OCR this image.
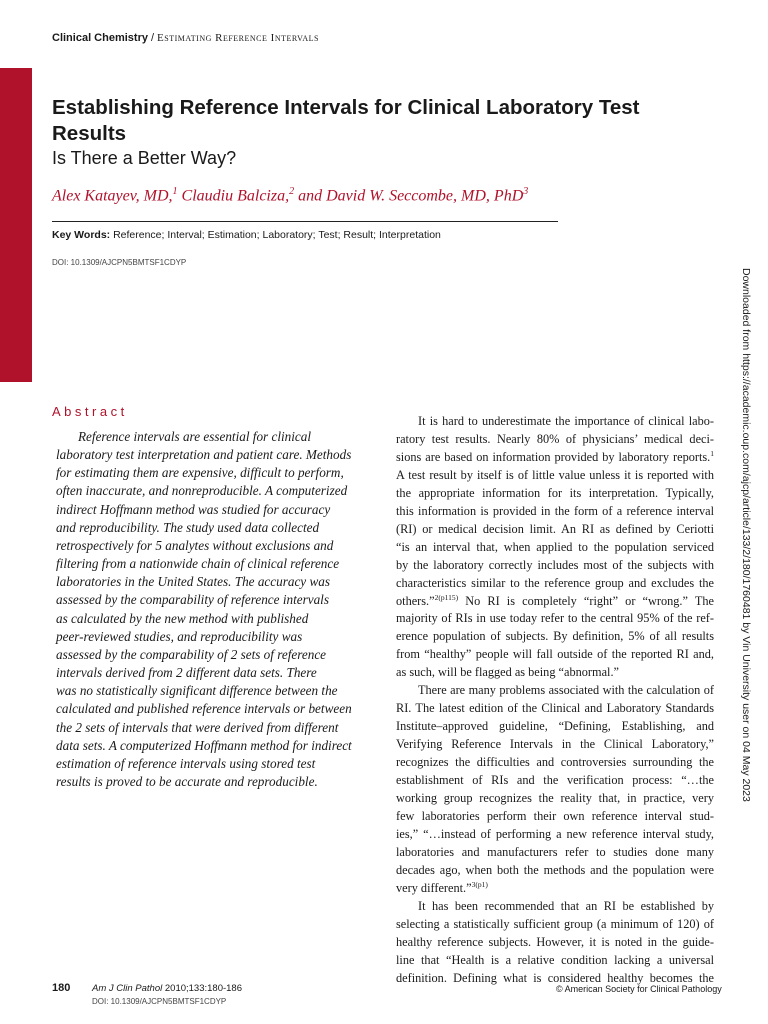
Clinical Chemistry / Estimating Reference Intervals
Establishing Reference Intervals for Clinical Laboratory Test Results
Is There a Better Way?
Alex Katayev, MD,$^1$ Claudiu Balciza,$^2$ and David W. Seccombe, MD, PhD$^3$
Key Words: Reference; Interval; Estimation; Laboratory; Test; Result; Interpretation
DOI: 10.1309/AJCPN5BMTSF1CDYP
Downloaded from https://academic.oup.com/ajcp/article/133/2/180/1760481 by Vin University user on 04 May 2023
Abstract
Reference intervals are essential for clinical
laboratory test interpretation and patient care. Methods
for estimating them are expensive, difficult to perform,
often inaccurate, and nonreproducible. A computerized
indirect Hoffmann method was studied for accuracy
and reproducibility. The study used data collected
retrospectively for 5 analytes without exclusions and
filtering from a nationwide chain of clinical reference
laboratories in the United States. The accuracy was
assessed by the comparability of reference intervals
as calculated by the new method with published
peer-reviewed studies, and reproducibility was
assessed by the comparability of 2 sets of reference
intervals derived from 2 different data sets. There
was no statistically significant difference between the
calculated and published reference intervals or between
the 2 sets of intervals that were derived from different
data sets. A computerized Hoffmann method for indirect
estimation of reference intervals using stored test
results is proved to be accurate and reproducible.
It is hard to underestimate the importance of clinical labo-
ratory test results. Nearly 80% of physicians’ medical deci-
sions are based on information provided by laboratory reports.$^1$
A test result by itself is of little value unless it is reported with
the appropriate information for its interpretation. Typically,
this information is provided in the form of a reference interval
(RI) or medical decision limit. An RI as defined by Ceriotti
“is an interval that, when applied to the population serviced
by the laboratory correctly includes most of the subjects with
characteristics similar to the reference group and excludes the
others.”$^{2(p115)}$ No RI is completely “right” or “wrong.” The
majority of RIs in use today refer to the central 95% of the ref-
erence population of subjects. By definition, 5% of all results
from “healthy” people will fall outside of the reported RI and,
as such, will be flagged as being “abnormal.”
There are many problems associated with the calculation of
RI. The latest edition of the Clinical and Laboratory Standards
Institute–approved guideline, “Defining, Establishing, and
Verifying Reference Intervals in the Clinical Laboratory,”
recognizes the difficulties and controversies surrounding the
establishment of RIs and the verification process: “…the
working group recognizes the reality that, in practice, very
few laboratories perform their own reference interval stud-
ies,” “…instead of performing a new reference interval study,
laboratories and manufacturers refer to studies done many
decades ago, when both the methods and the population were
very different.”$^{3(p1)}$
It has been recommended that an RI be established by
selecting a statistically sufficient group (a minimum of 120) of
healthy reference subjects. However, it is noted in the guide-
line that “Health is a relative condition lacking a universal
definition. Defining what is considered healthy becomes the
180 Am J Clin Pathol 2010;133:180-186
DOI: 10.1309/AJCPN5BMTSF1CDYP
© American Society for Clinical Pathology
